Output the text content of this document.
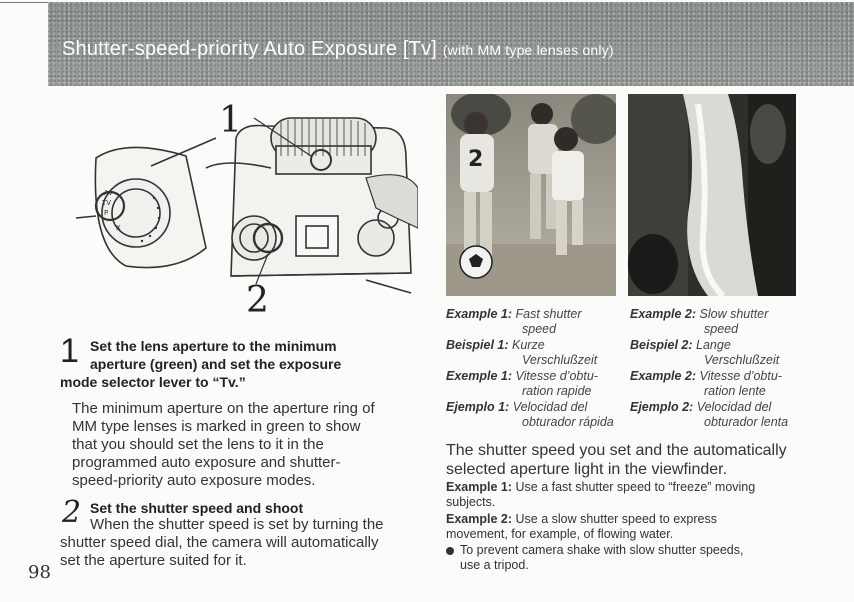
Shutter-speed-priority Auto Exposure [Tv] (with MM type lenses only)
Av
TV
P
X
1
2
1 Set the lens aperture to the minimum
aperture (green) and set the exposure
mode selector lever to “Tv.”
The minimum aperture on the aperture ring of
MM type lenses is marked in green to show
that you should set the lens to it in the
programmed auto exposure and shutter-
speed-priority auto exposure modes.
2 Set the shutter speed and shoot
When the shutter speed is set by turning the
shutter speed dial, the camera will automatically
set the aperture suited for it.
98
2
Example 1: Fast shutter
speed
Beispiel 1: Kurze
Verschlußzeit
Exemple 1: Vitesse d’obtu-
ration rapide
Ejemplo 1: Velocidad del
obturador rápida
Example 2: Slow shutter
speed
Beispiel 2: Lange
Verschlußzeit
Example 2: Vitesse d’obtu-
ration lente
Ejemplo 2: Velocidad del
obturador lenta
The shutter speed you set and the automatically
selected aperture light in the viewfinder.
Example 1: Use a fast shutter speed to “freeze” moving
subjects.
Example 2: Use a slow shutter speed to express
movement, for example, of flowing water.
To prevent camera shake with slow shutter speeds,
use a tripod.
